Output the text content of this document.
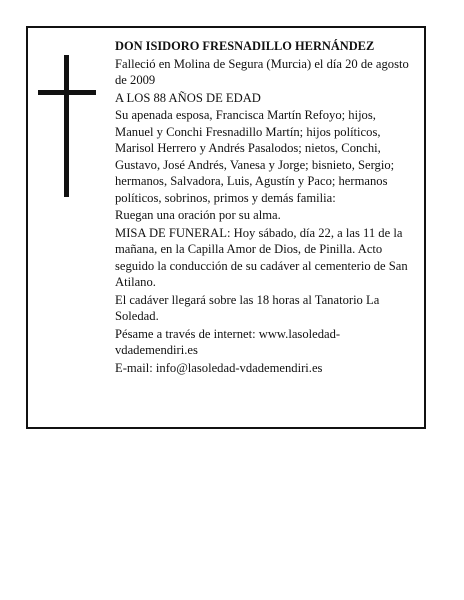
DON ISIDORO FRESNADILLO HERNÁNDEZ

Falleció en Molina de Segura (Murcia) el día 20 de agosto de 2009

A LOS 88 AÑOS DE EDAD

Su apenada esposa, Francisca Martín Refoyo; hijos, Manuel y Conchi Fresnadillo Martín; hijos políticos, Marisol Herrero y Andrés Pasalodos; nietos, Conchi, Gustavo, José Andrés, Vanesa y Jorge; bisnieto, Sergio; hermanos, Salvadora, Luis, Agustín y Paco; hermanos políticos, sobrinos, primos y demás familia:

Ruegan una oración por su alma.

MISA DE FUNERAL: Hoy sábado, día 22, a las 11 de la mañana, en la Capilla Amor de Dios, de Pinilla. Acto seguido la conducción de su cadáver al cementerio de San Atilano.

El cadáver llegará sobre las 18 horas al Tanatorio La Soledad.

Pésame a través de internet: www.lasoledad-vdademendiri.es

E-mail: info@lasoledad-vdademendiri.es
